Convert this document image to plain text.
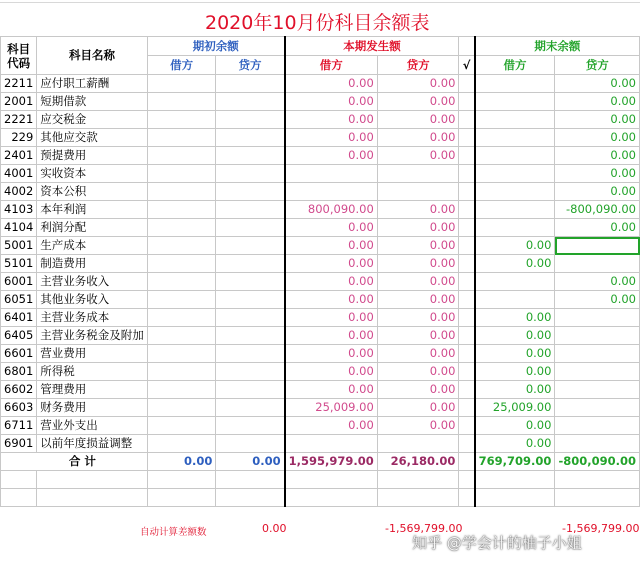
2020年10月份科目余额表
科目
代码	科目名称	期初余额		本期发生额			期末余额	
		借方	贷方	借方	贷方	√	借方	贷方
2211	应付职工薪酬			0.00	0.00			0.00
2001	短期借款			0.00	0.00			0.00
2221	应交税金			0.00	0.00			0.00
229	其他应交款			0.00	0.00			0.00
2401	预提费用			0.00	0.00			0.00
4001	实收资本							0.00
4002	资本公积							0.00
4103	本年利润			800,090.00	0.00			-800,090.00
4104	利润分配			0.00	0.00			0.00
5001	生产成本			0.00	0.00		0.00	
5101	制造费用			0.00	0.00		0.00	
6001	主营业务收入			0.00	0.00			0.00
6051	其他业务收入			0.00	0.00			0.00
6401	主营业务成本			0.00	0.00		0.00	
6405	主营业务税金及附加			0.00	0.00		0.00	
6601	营业费用			0.00	0.00		0.00	
6801	所得税			0.00	0.00		0.00	
6602	管理费用			0.00	0.00		0.00	
6603	财务费用			25,009.00	0.00		25,009.00	
6711	营业外支出			0.00	0.00		0.00	
6901	以前年度损益调整						0.00	
合 计		0.00	0.00	1,595,979.00	26,180.00		769,709.00	-800,090.00

自动计算差额数	0.00	-1,569,799.00	-1,569,799.00
知乎 @学会计的柚子小姐
